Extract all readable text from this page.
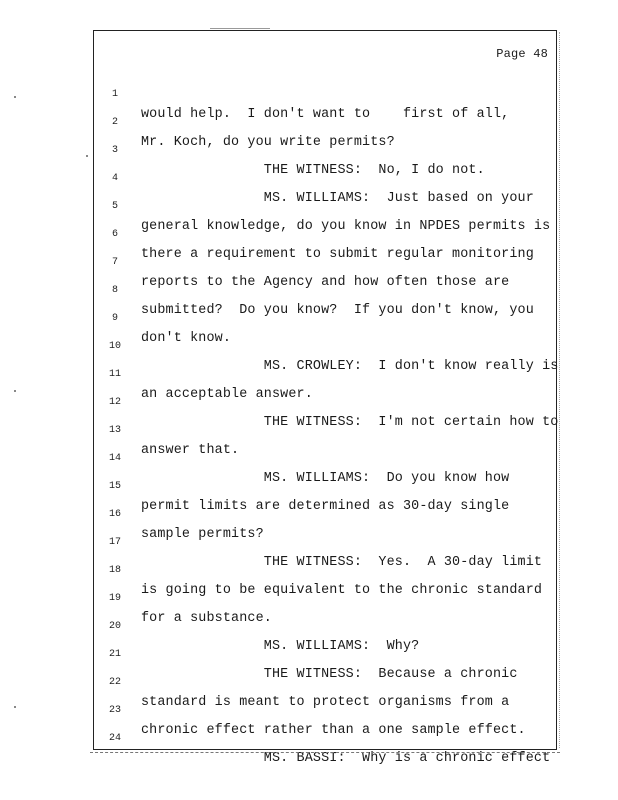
Page 48

1

would help.  I don't want to    first of all,

2

Mr. Koch, do you write permits?

3

THE WITNESS:  No, I do not.

4

MS. WILLIAMS:  Just based on your

5

general knowledge, do you know in NPDES permits is

6

there a requirement to submit regular monitoring

7

reports to the Agency and how often those are

8

submitted?  Do you know?  If you don't know, you

9

don't know.

10

MS. CROWLEY:  I don't know really is

11

an acceptable answer.

12

THE WITNESS:  I'm not certain how to

13

answer that.

14

MS. WILLIAMS:  Do you know how

15

permit limits are determined as 30-day single

16

sample permits?

17

THE WITNESS:  Yes.  A 30-day limit

18

is going to be equivalent to the chronic standard

19

for a substance.

20

MS. WILLIAMS:  Why?

21

THE WITNESS:  Because a chronic

22

standard is meant to protect organisms from a

23

chronic effect rather than a one sample effect.

24

MS. BASSI:  Why is a chronic effect
